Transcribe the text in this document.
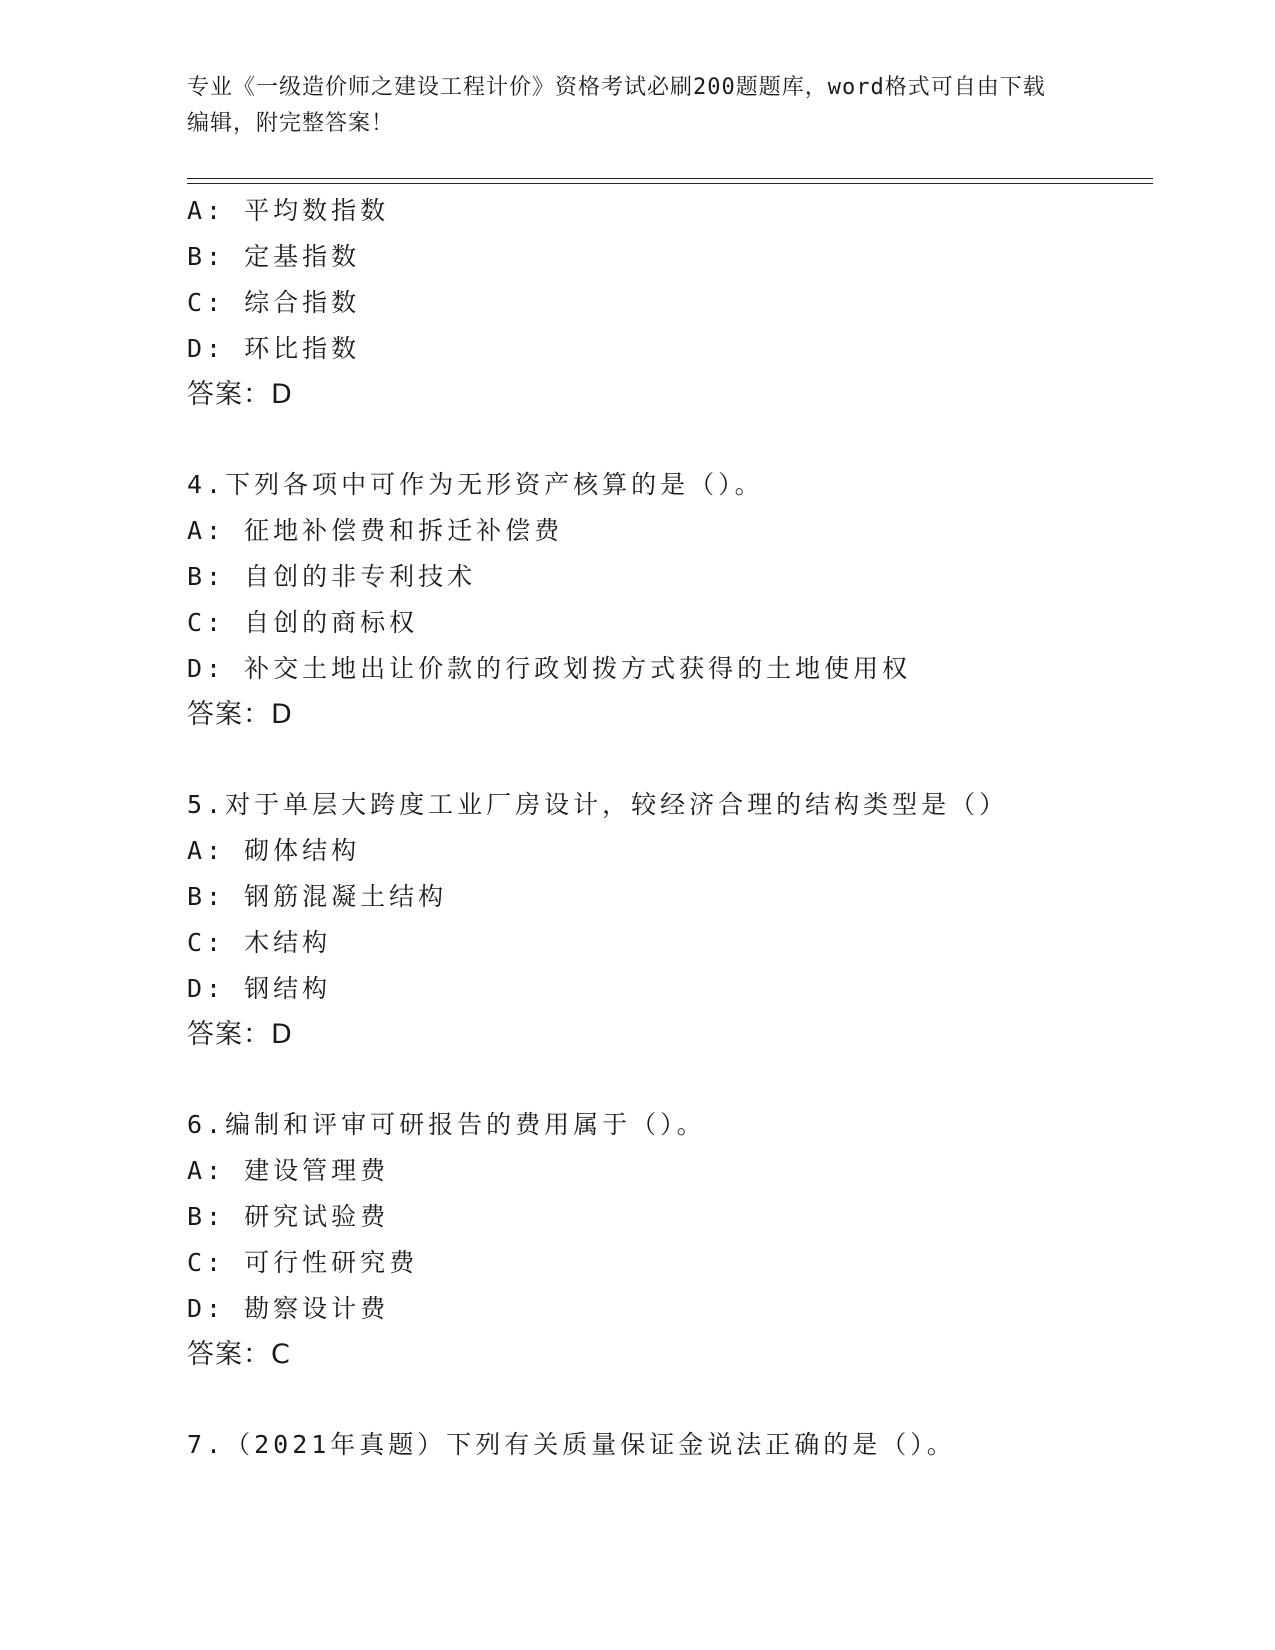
专业《一级造价师之建设工程计价》资格考试必刷200题题库，word格式可自由下载编辑，附完整答案！
A: 平均数指数
B: 定基指数
C: 综合指数
D: 环比指数
答案：D
4.下列各项中可作为无形资产核算的是（）。
A: 征地补偿费和拆迁补偿费
B: 自创的非专利技术
C: 自创的商标权
D: 补交土地出让价款的行政划拨方式获得的土地使用权
答案：D
5.对于单层大跨度工业厂房设计，较经济合理的结构类型是（）
A: 砌体结构
B: 钢筋混凝土结构
C: 木结构
D: 钢结构
答案：D
6.编制和评审可研报告的费用属于（）。
A: 建设管理费
B: 研究试验费
C: 可行性研究费
D: 勘察设计费
答案：C
7.（2021年真题）下列有关质量保证金说法正确的是（）。
